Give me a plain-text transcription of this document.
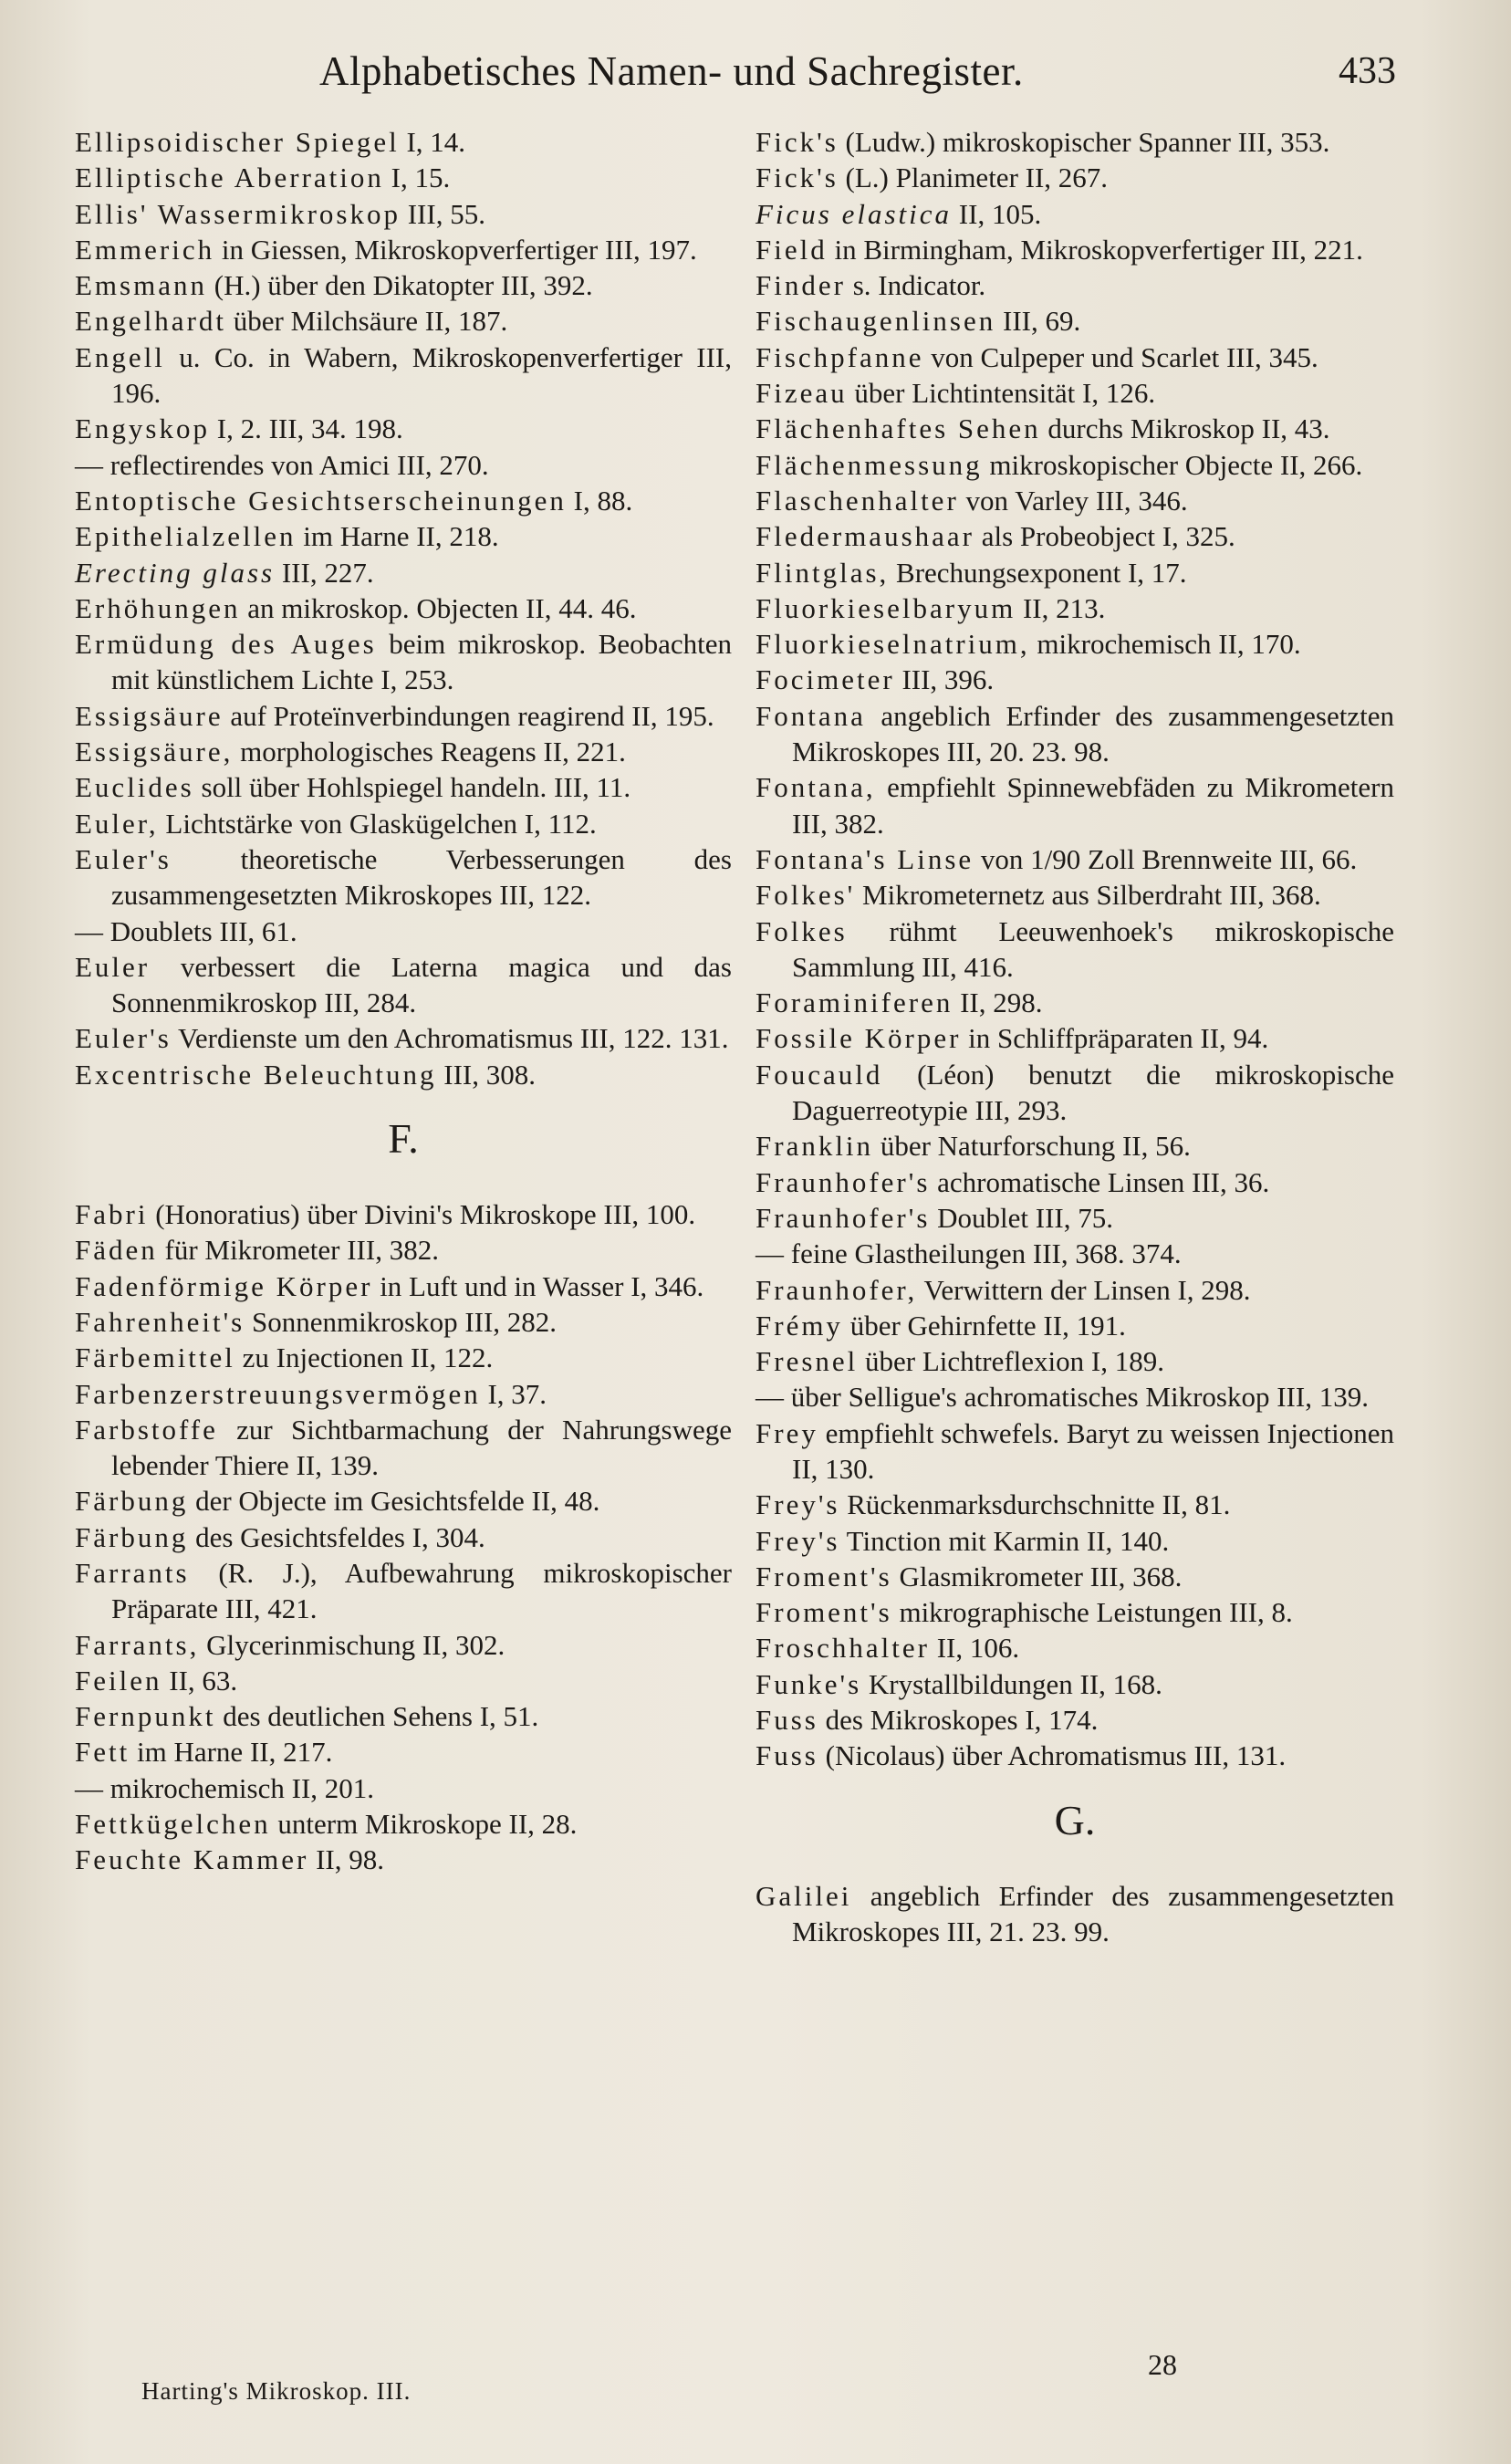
Alphabetisches Namen- und Sachregister.	433
Ellipsoidischer Spiegel I, 14.
Elliptische Aberration I, 15.
Ellis' Wassermikroskop III, 55.
Emmerich in Giessen, Mikroskopverfertiger III, 197.
Emsmann (H.) über den Dikatopter III, 392.
Engelhardt über Milchsäure II, 187.
Engell u. Co. in Wabern, Mikroskopenverfertiger III, 196.
Engyskop I, 2. III, 34. 198.
— reflectirendes von Amici III, 270.
Entoptische Gesichtserscheinungen I, 88.
Epithelialzellen im Harne II, 218.
Erecting glass III, 227.
Erhöhungen an mikroskop. Objecten II, 44. 46.
Ermüdung des Auges beim mikroskop. Beobachten mit künstlichem Lichte I, 253.
Essigsäure auf Proteïnverbindungen reagirend II, 195.
Essigsäure, morphologisches Reagens II, 221.
Euclides soll über Hohlspiegel handeln. III, 11.
Euler, Lichtstärke von Glaskügelchen I, 112.
Euler's theoretische Verbesserungen des zusammengesetzten Mikroskopes III, 122.
— Doublets III, 61.
Euler verbessert die Laterna magica und das Sonnenmikroskop III, 284.
Euler's Verdienste um den Achromatismus III, 122. 131.
Excentrische Beleuchtung III, 308.
F.
Fabri (Honoratius) über Divini's Mikroskope III, 100.
Fäden für Mikrometer III, 382.
Fadenförmige Körper in Luft und in Wasser I, 346.
Fahrenheit's Sonnenmikroskop III, 282.
Färbemittel zu Injectionen II, 122.
Farbenzerstreuungsvermögen I, 37.
Farbstoffe zur Sichtbarmachung der Nahrungswege lebender Thiere II, 139.
Färbung der Objecte im Gesichtsfelde II, 48.
Färbung des Gesichtsfeldes I, 304.
Farrants (R. J.), Aufbewahrung mikroskopischer Präparate III, 421.
Farrants, Glycerinmischung II, 302.
Feilen II, 63.
Fernpunkt des deutlichen Sehens I, 51.
Fett im Harne II, 217.
— mikrochemisch II, 201.
Fettkügelchen unterm Mikroskope II, 28.
Feuchte Kammer II, 98.
Fick's (Ludw.) mikroskopischer Spanner III, 353.
Fick's (L.) Planimeter II, 267.
Ficus elastica II, 105.
Field in Birmingham, Mikroskopverfertiger III, 221.
Finder s. Indicator.
Fischaugenlinsen III, 69.
Fischpfanne von Culpeper und Scarlet III, 345.
Fizeau über Lichtintensität I, 126.
Flächenhaftes Sehen durchs Mikroskop II, 43.
Flächenmessung mikroskopischer Objecte II, 266.
Flaschenhalter von Varley III, 346.
Fledermaushaar als Probeobject I, 325.
Flintglas, Brechungsexponent I, 17.
Fluorkieselbaryum II, 213.
Fluorkieselnatrium, mikrochemisch II, 170.
Focimeter III, 396.
Fontana angeblich Erfinder des zusammengesetzten Mikroskopes III, 20. 23. 98.
Fontana, empfiehlt Spinnewebfäden zu Mikrometern III, 382.
Fontana's Linse von 1/90 Zoll Brennweite III, 66.
Folkes' Mikrometernetz aus Silberdraht III, 368.
Folkes rühmt Leeuwenhoek's mikroskopische Sammlung III, 416.
Foraminiferen II, 298.
Fossile Körper in Schliffpräparaten II, 94.
Foucauld (Léon) benutzt die mikroskopische Daguerreotypie III, 293.
Franklin über Naturforschung II, 56.
Fraunhofer's achromatische Linsen III, 36.
Fraunhofer's Doublet III, 75.
— feine Glastheilungen III, 368. 374.
Fraunhofer, Verwittern der Linsen I, 298.
Frémy über Gehirnfette II, 191.
Fresnel über Lichtreflexion I, 189.
— über Selligue's achromatisches Mikroskop III, 139.
Frey empfiehlt schwefels. Baryt zu weissen Injectionen II, 130.
Frey's Rückenmarksdurchschnitte II, 81.
Frey's Tinction mit Karmin II, 140.
Froment's Glasmikrometer III, 368.
Froment's mikrographische Leistungen III, 8.
Froschhalter II, 106.
Funke's Krystallbildungen II, 168.
Fuss des Mikroskopes I, 174.
Fuss (Nicolaus) über Achromatismus III, 131.
G.
Galilei angeblich Erfinder des zusammengesetzten Mikroskopes III, 21. 23. 99.
Harting's Mikroskop. III.
28
